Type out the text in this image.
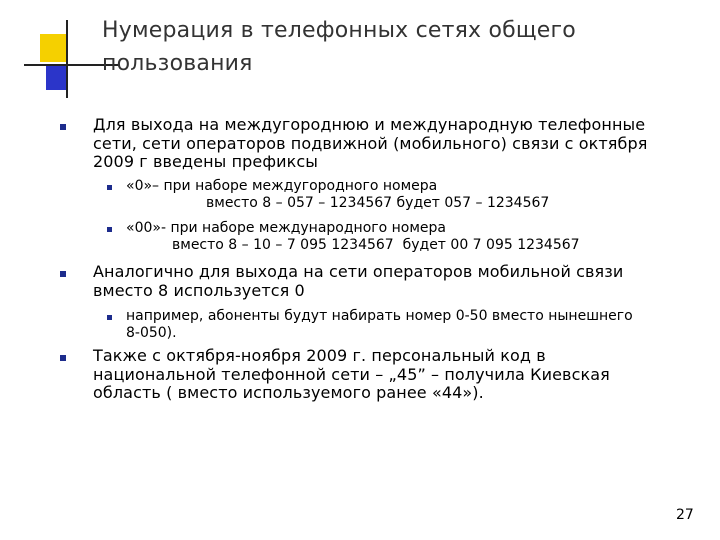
Нумерация в телефонных сетях общего
пользования
Для выхода на междугороднюю и международную телефонные
сети, сети операторов подвижной (мобильного) связи с октября
2009 г введены префиксы
«0»– при наборе междугородного номера
вместо 8 – 057 – 1234567 будет 057 – 1234567
«00»- при наборе международного номера
вместо 8 – 10 – 7 095 1234567  будет 00 7 095 1234567
Аналогично для выхода на сети операторов мобильной связи
вместо 8 используется 0
например, абоненты будут набирать номер 0-50 вместо нынешнего
8-050).
Также с октября-ноября 2009 г. персональный код в
национальной телефонной сети – „45” – получила Киевская
область ( вместо используемого ранее «44»).
27
